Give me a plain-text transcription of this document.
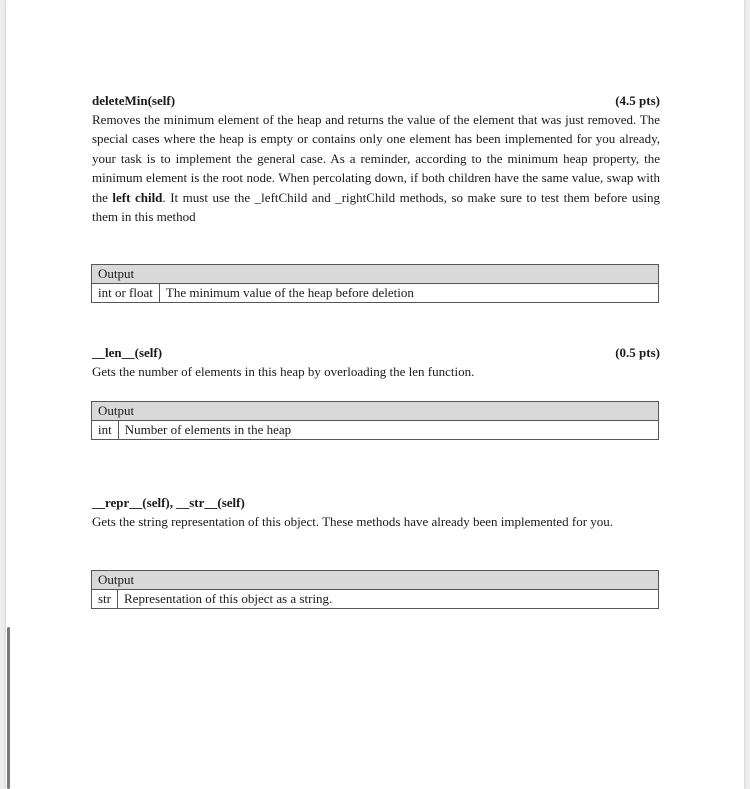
deleteMin(self)	(4.5 pts)

Removes the minimum element of the heap and returns the value of the element that was just removed. The special cases where the heap is empty or contains only one element has been implemented for you already, your task is to implement the general case. As a reminder, according to the minimum heap property, the minimum element is the root node. When percolating down, if both children have the same value, swap with the left child. It must use the _leftChild and _rightChild methods, so make sure to test them before using them in this method

Output
int or float	The minimum value of the heap before deletion
__len__(self)	(0.5 pts)

Gets the number of elements in this heap by overloading the len function.

Output
int	Number of elements in the heap
__repr__(self), __str__(self)

Gets the string representation of this object. These methods have already been implemented for you.

Output
str	Representation of this object as a string.
